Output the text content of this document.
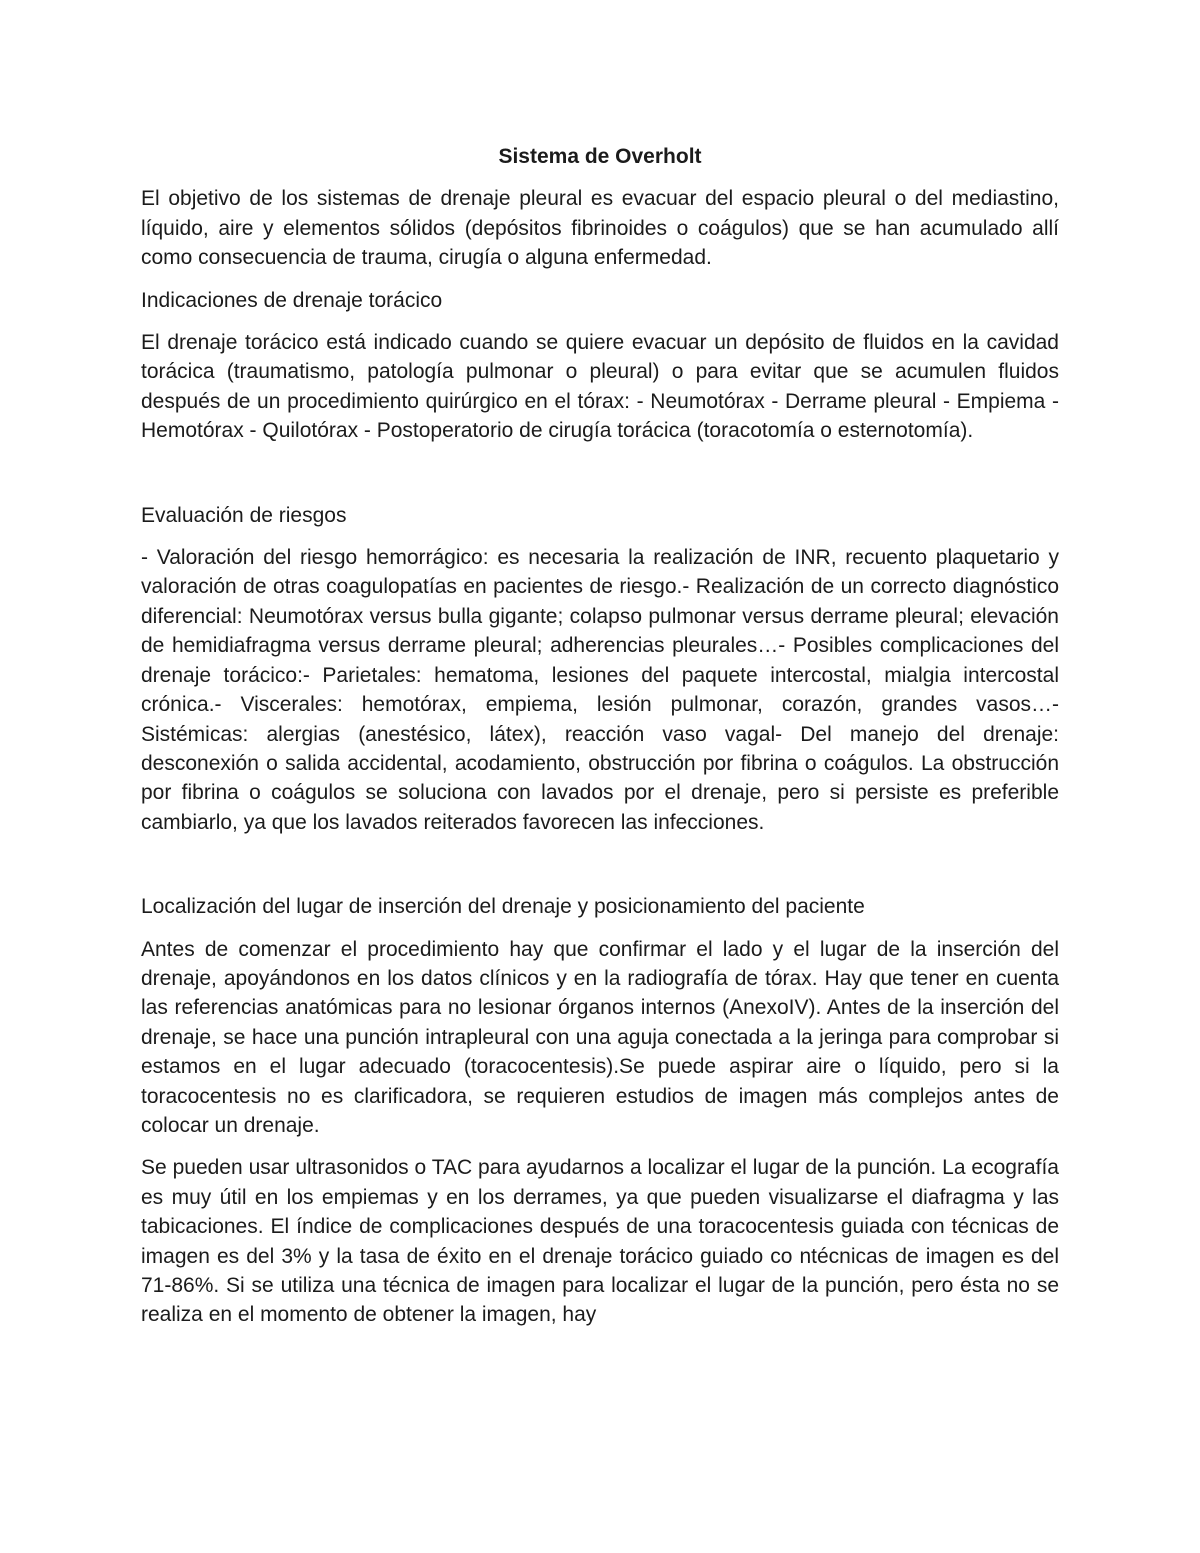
Sistema de Overholt

El objetivo de los sistemas de drenaje pleural es evacuar del espacio pleural o del mediastino, líquido, aire y elementos sólidos (depósitos fibrinoides o coágulos) que se han acumulado allí como consecuencia de trauma, cirugía o alguna enfermedad.

Indicaciones de drenaje torácico

El drenaje torácico está indicado cuando se quiere evacuar un depósito de fluidos en la cavidad torácica (traumatismo, patología pulmonar o pleural) o para evitar que se acumulen fluidos después de un procedimiento quirúrgico en el tórax: - Neumotórax - Derrame pleural - Empiema - Hemotórax - Quilotórax - Postoperatorio de cirugía torácica (toracotomía o esternotomía).

Evaluación de riesgos

- Valoración del riesgo hemorrágico: es necesaria la realización de INR, recuento plaquetario y valoración de otras coagulopatías en pacientes de riesgo.- Realización de un correcto diagnóstico diferencial: Neumotórax versus bulla gigante; colapso pulmonar versus derrame pleural; elevación de hemidiafragma versus derrame pleural; adherencias pleurales…- Posibles complicaciones del drenaje torácico:- Parietales: hematoma, lesiones del paquete intercostal, mialgia intercostal crónica.- Viscerales: hemotórax, empiema, lesión pulmonar, corazón, grandes vasos…- Sistémicas: alergias (anestésico, látex), reacción vaso vagal- Del manejo del drenaje: desconexión o salida accidental, acodamiento, obstrucción por fibrina o coágulos. La obstrucción por fibrina o coágulos se soluciona con lavados por el drenaje, pero si persiste es preferible cambiarlo, ya que los lavados reiterados favorecen las infecciones.

Localización del lugar de inserción del drenaje y posicionamiento del paciente

Antes de comenzar el procedimiento hay que confirmar el lado y el lugar de la inserción del drenaje, apoyándonos en los datos clínicos y en la radiografía de tórax. Hay que tener en cuenta las referencias anatómicas para no lesionar órganos internos (AnexoIV). Antes de la inserción del drenaje, se hace una punción intrapleural con una aguja conectada a la jeringa para comprobar si estamos en el lugar adecuado (toracocentesis).Se puede aspirar aire o líquido, pero si la toracocentesis no es clarificadora, se requieren estudios de imagen más complejos antes de colocar un drenaje.

Se pueden usar ultrasonidos o TAC para ayudarnos a localizar el lugar de la punción. La ecografía es muy útil en los empiemas y en los derrames, ya que pueden visualizarse el diafragma y las tabicaciones. El índice de complicaciones después de una toracocentesis guiada con técnicas de imagen es del 3% y la tasa de éxito en el drenaje torácico guiado co ntécnicas de imagen es del 71-86%. Si se utiliza una técnica de imagen para localizar el lugar de la punción, pero ésta no se realiza en el momento de obtener la imagen, hay
